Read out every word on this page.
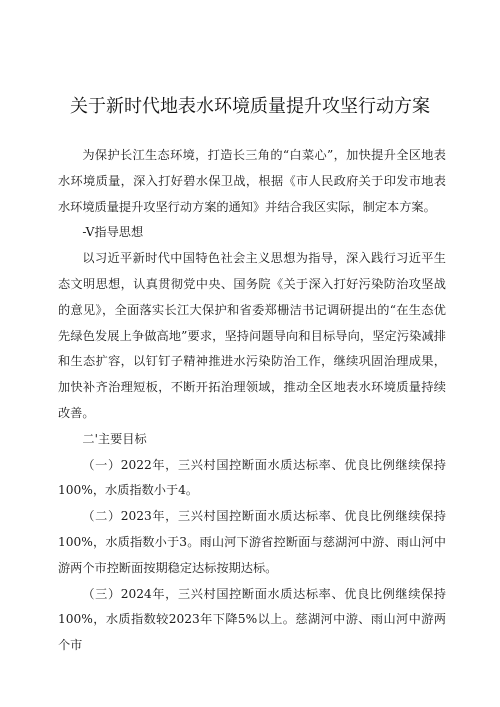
关于新时代地表水环境质量提升攻坚行动方案

为保护长江生态环境，打造长三角的“白菜心”，加快提升全区地表水环境质量，深入打好碧水保卫战，根据《市人民政府关于印发市地表水环境质量提升攻坚行动方案的通知》并结合我区实际，制定本方案。

-V指导思想

以习近平新时代中国特色社会主义思想为指导，深入践行习近平生态文明思想，认真贯彻党中央、国务院《关于深入打好污染防治攻坚战的意见》，全面落实长江大保护和省委郑栅洁书记调研提出的“在生态优先绿色发展上争做高地”要求，坚持问题导向和目标导向，坚定污染减排和生态扩容，以钉钉子精神推进水污染防治工作，继续巩固治理成果，加快补齐治理短板，不断开拓治理领域，推动全区地表水环境质量持续改善。

二'主要目标

（一）2022年，三兴村国控断面水质达标率、优良比例继续保持100%，水质指数小于4。

（二）2023年，三兴村国控断面水质达标率、优良比例继续保持100%，水质指数小于3。雨山河下游省控断面与慈湖河中游、雨山河中游两个市控断面按期稳定达标按期达标。

（三）2024年，三兴村国控断面水质达标率、优良比例继续保持100%，水质指数较2023年下降5%以上。慈湖河中游、雨山河中游两个市
